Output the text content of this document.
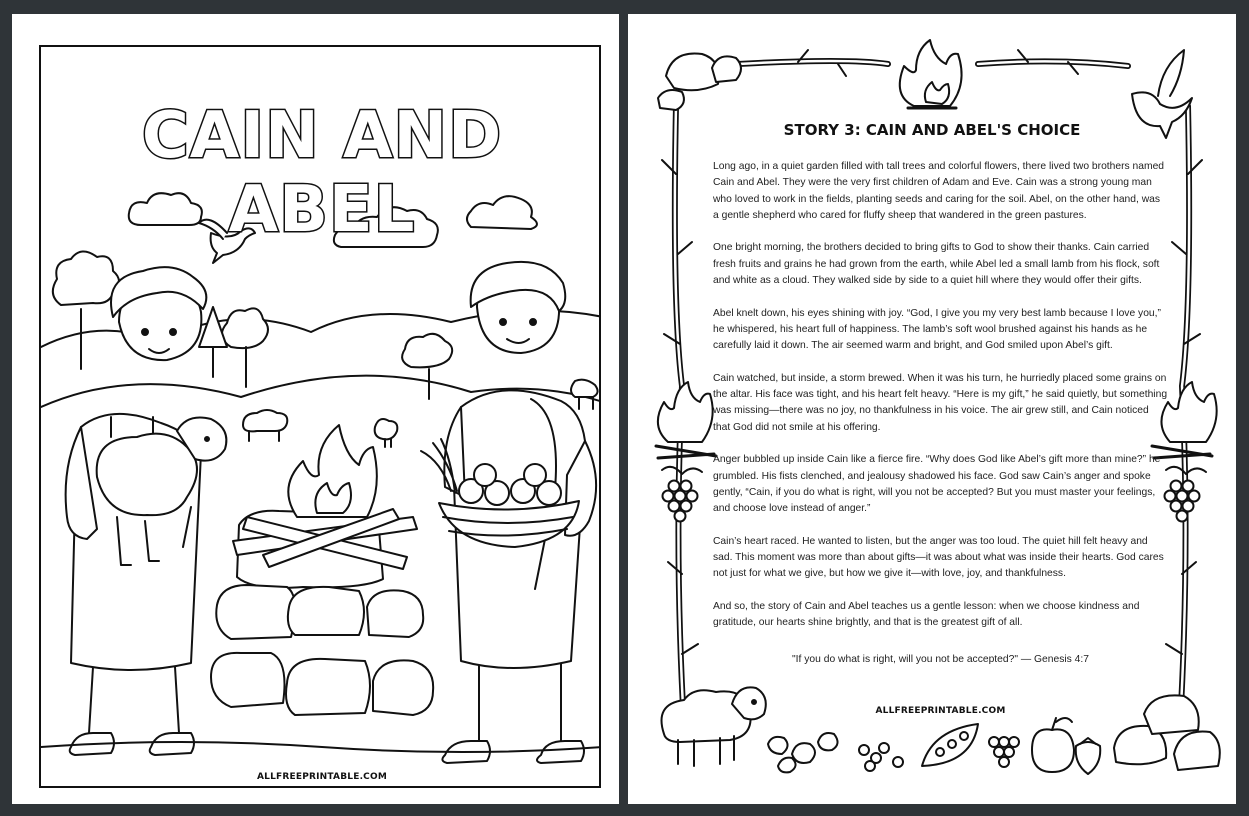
CAIN AND ABEL
ALLFREEPRINTABLE.COM
STORY 3: CAIN AND ABEL'S CHOICE

Long ago, in a quiet garden filled with tall trees and colorful flowers, there lived two brothers named Cain and Abel. They were the very first children of Adam and Eve. Cain was a strong young man who loved to work in the fields, planting seeds and caring for the soil. Abel, on the other hand, was a gentle shepherd who cared for fluffy sheep that wandered in the green pastures.

One bright morning, the brothers decided to bring gifts to God to show their thanks. Cain carried fresh fruits and grains he had grown from the earth, while Abel led a small lamb from his flock, soft and white as a cloud. They walked side by side to a quiet hill where they would offer their gifts.

Abel knelt down, his eyes shining with joy. “God, I give you my very best lamb because I love you,” he whispered, his heart full of happiness. The lamb’s soft wool brushed against his hands as he carefully laid it down. The air seemed warm and bright, and God smiled upon Abel’s gift.

Cain watched, but inside, a storm brewed. When it was his turn, he hurriedly placed some grains on the altar. His face was tight, and his heart felt heavy. “Here is my gift,” he said quietly, but something was missing—there was no joy, no thankfulness in his voice. The air grew still, and Cain noticed that God did not smile at his offering.

Anger bubbled up inside Cain like a fierce fire. “Why does God like Abel’s gift more than mine?” he grumbled. His fists clenched, and jealousy shadowed his face. God saw Cain’s anger and spoke gently, “Cain, if you do what is right, will you not be accepted? But you must master your feelings, and choose love instead of anger.”

Cain’s heart raced. He wanted to listen, but the anger was too loud. The quiet hill felt heavy and sad. This moment was more than about gifts—it was about what was inside their hearts. God cares not just for what we give, but how we give it—with love, joy, and thankfulness.

And so, the story of Cain and Abel teaches us a gentle lesson: when we choose kindness and gratitude, our hearts shine brightly, and that is the greatest gift of all.

"If you do what is right, will you not be accepted?" — Genesis 4:7
ALLFREEPRINTABLE.COM
